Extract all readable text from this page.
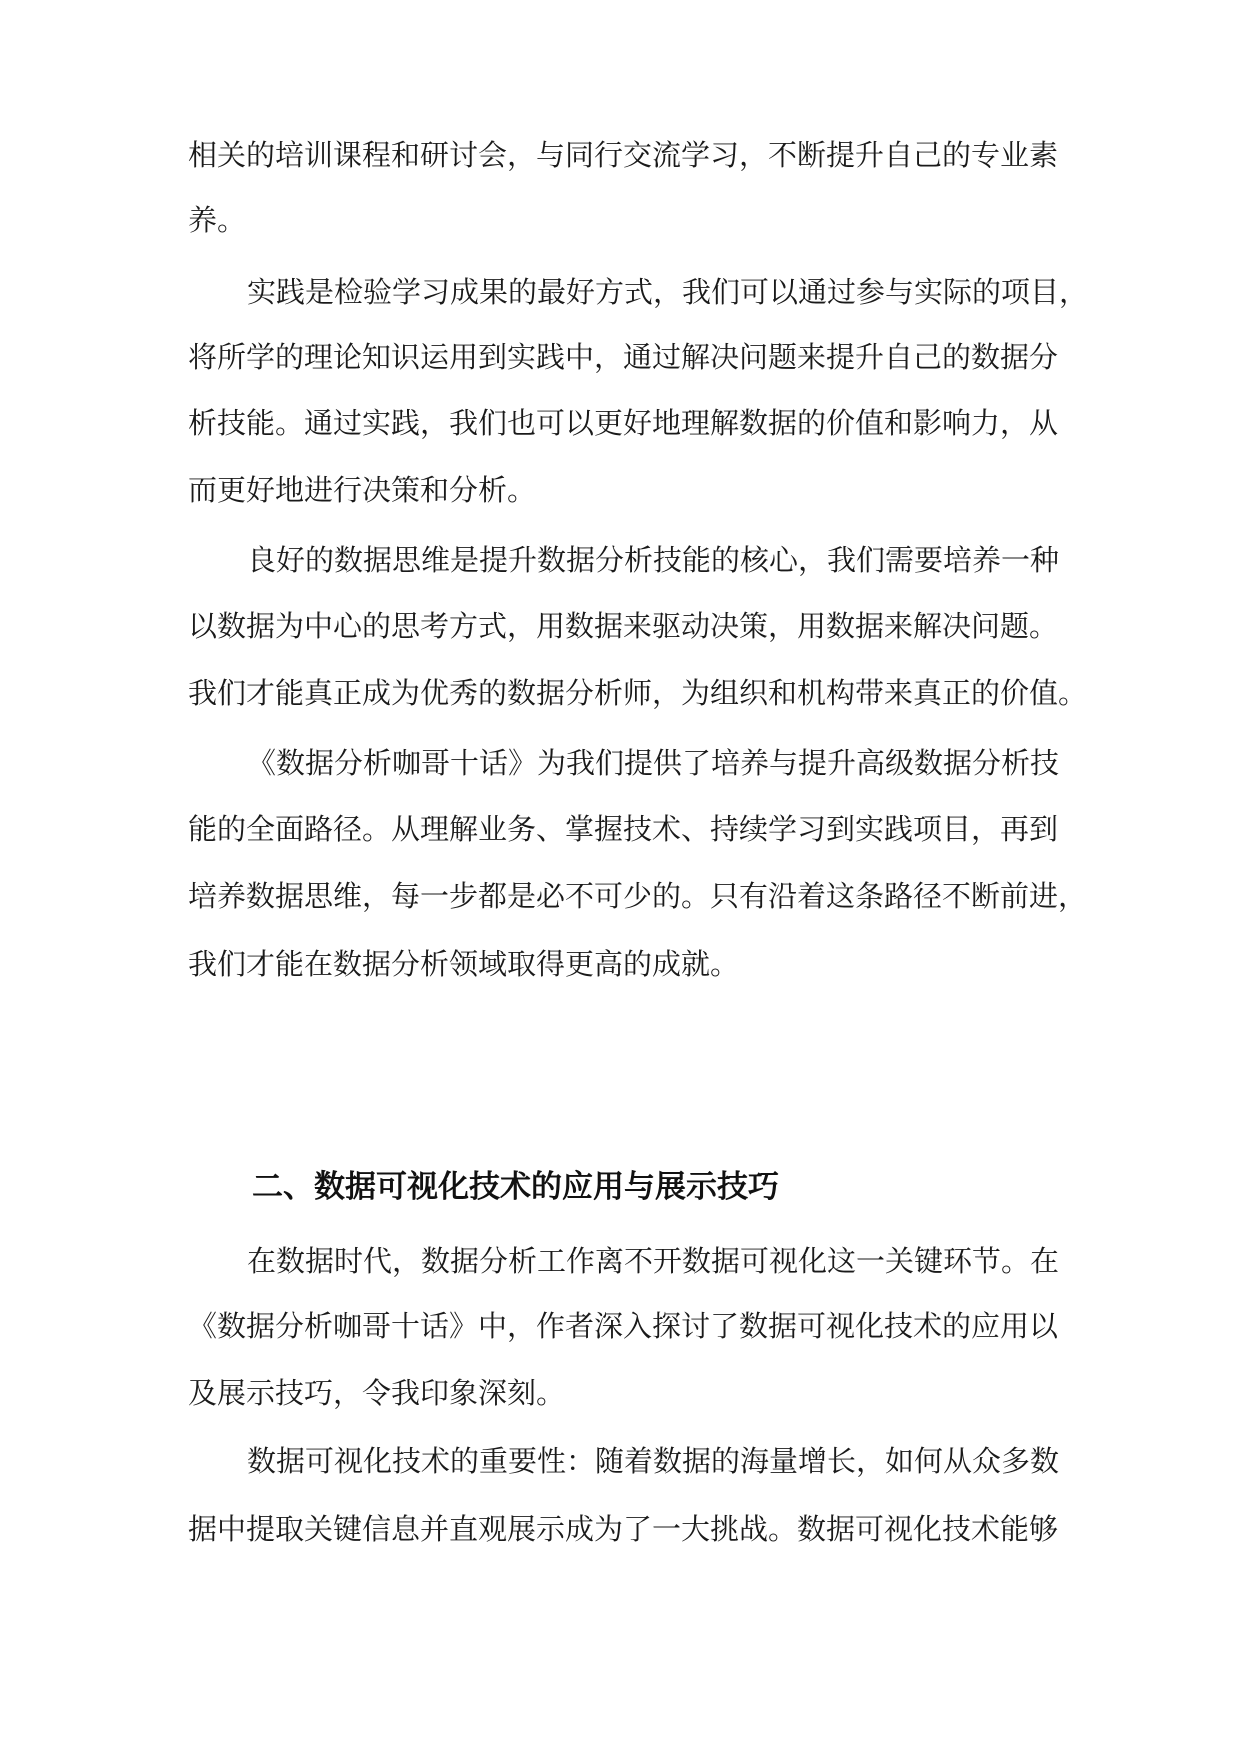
相关的培训课程和研讨会，与同行交流学习，不断提升自己的专业素
养。
实践是检验学习成果的最好方式，我们可以通过参与实际的项目，
将所学的理论知识运用到实践中，通过解决问题来提升自己的数据分
析技能。通过实践，我们也可以更好地理解数据的价值和影响力，从
而更好地进行决策和分析。
良好的数据思维是提升数据分析技能的核心，我们需要培养一种
以数据为中心的思考方式，用数据来驱动决策，用数据来解决问题。
我们才能真正成为优秀的数据分析师，为组织和机构带来真正的价值。
《数据分析咖哥十话》为我们提供了培养与提升高级数据分析技
能的全面路径。从理解业务、掌握技术、持续学习到实践项目，再到
培养数据思维，每一步都是必不可少的。只有沿着这条路径不断前进，
我们才能在数据分析领域取得更高的成就。
二、数据可视化技术的应用与展示技巧
在数据时代，数据分析工作离不开数据可视化这一关键环节。在
《数据分析咖哥十话》中，作者深入探讨了数据可视化技术的应用以
及展示技巧，令我印象深刻。
数据可视化技术的重要性：随着数据的海量增长，如何从众多数
据中提取关键信息并直观展示成为了一大挑战。数据可视化技术能够
